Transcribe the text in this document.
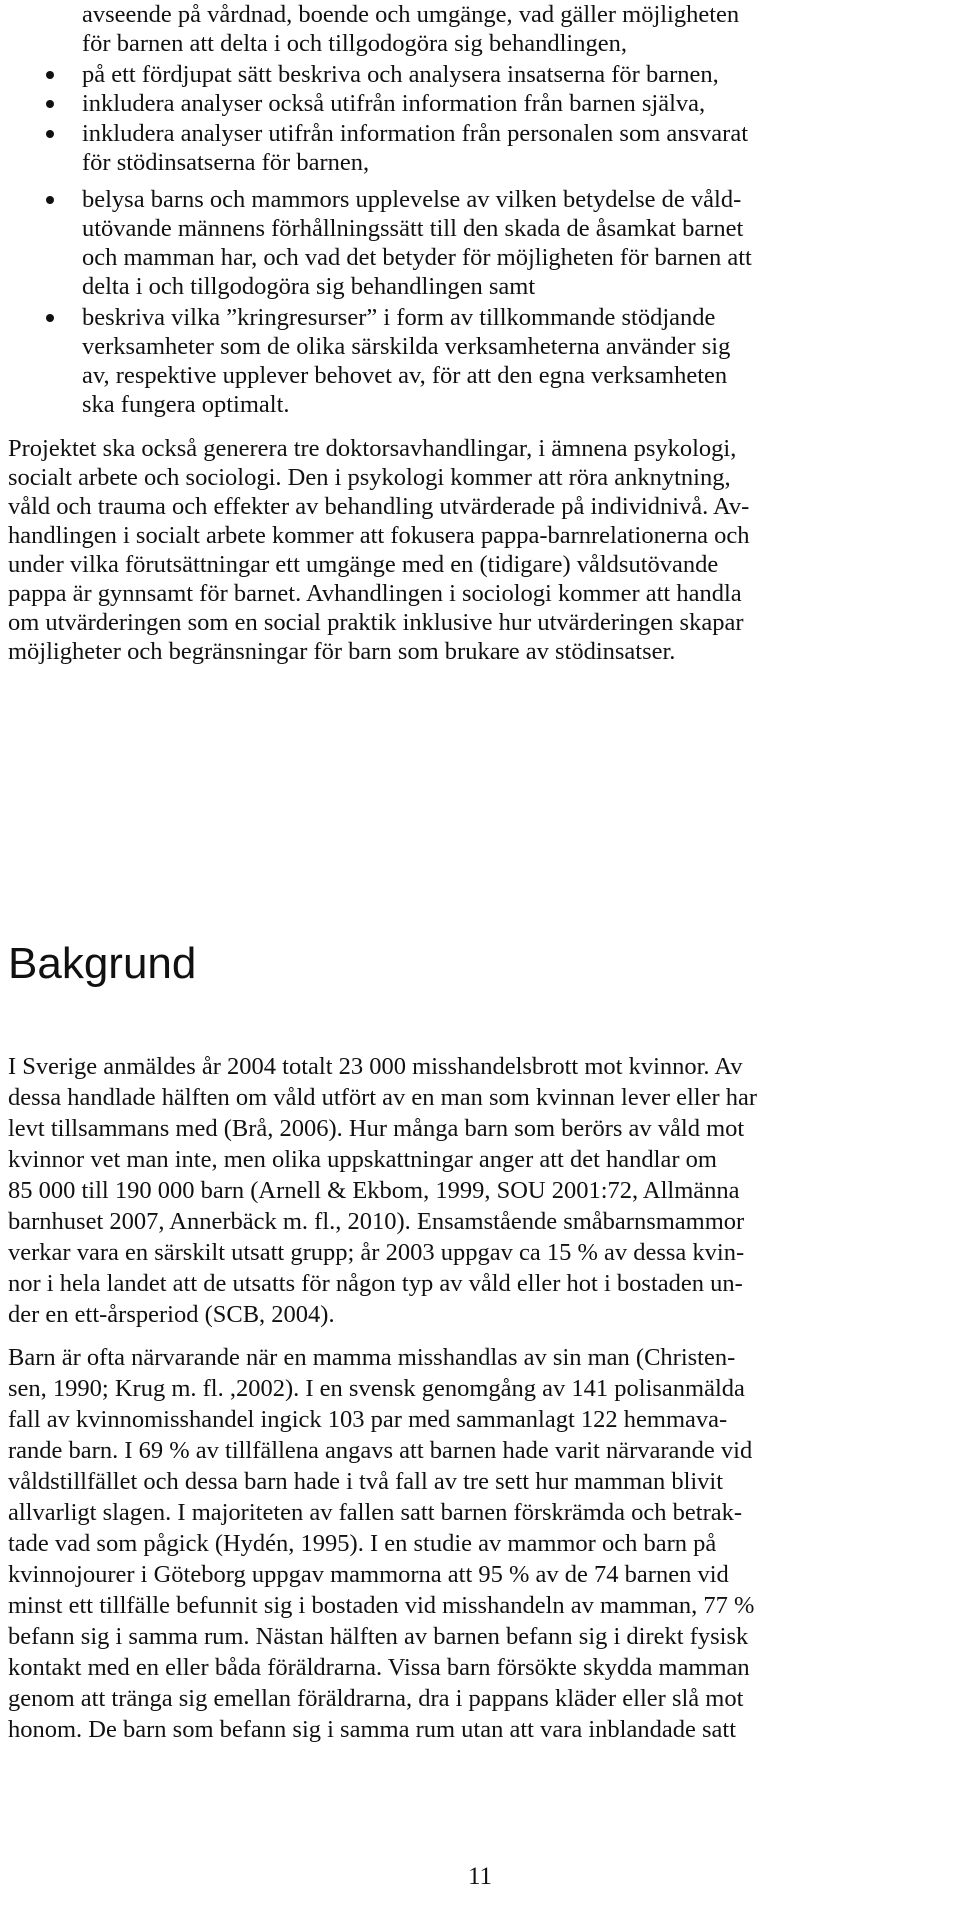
avseende på vårdnad, boende och umgänge, vad gäller möjligheten
för barnen att delta i och tillgodogöra sig behandlingen,
på ett fördjupat sätt beskriva och analysera insatserna för barnen,
inkludera analyser också utifrån information från barnen själva,
inkludera analyser utifrån information från personalen som ansvarat
för stödinsatserna för barnen,
belysa barns och mammors upplevelse av vilken betydelse de våld-
utövande männens förhållningssätt till den skada de åsamkat barnet
och mamman har, och vad det betyder för möjligheten för barnen att
delta i och tillgodogöra sig behandlingen samt
beskriva vilka ”kringresurser” i form av tillkommande stödjande
verksamheter som de olika särskilda verksamheterna använder sig
av, respektive upplever behovet av, för att den egna verksamheten
ska fungera optimalt.
Projektet ska också generera tre doktorsavhandlingar, i ämnena psykologi,
socialt arbete och sociologi. Den i psykologi kommer att röra anknytning,
våld och trauma och effekter av behandling utvärderade på individnivå. Av-
handlingen i socialt arbete kommer att fokusera pappa-barnrelationerna och
under vilka förutsättningar ett umgänge med en (tidigare) våldsutövande
pappa är gynnsamt för barnet. Avhandlingen i sociologi kommer att handla
om utvärderingen som en social praktik inklusive hur utvärderingen skapar
möjligheter och begränsningar för barn som brukare av stödinsatser.
Bakgrund
I Sverige anmäldes år 2004 totalt 23 000 misshandelsbrott mot kvinnor. Av
dessa handlade hälften om våld utfört av en man som kvinnan lever eller har
levt tillsammans med (Brå, 2006). Hur många barn som berörs av våld mot
kvinnor vet man inte, men olika uppskattningar anger att det handlar om
85 000 till 190 000 barn (Arnell & Ekbom, 1999, SOU 2001:72, Allmänna
barnhuset 2007, Annerbäck m. fl., 2010). Ensamstående småbarnsmammor
verkar vara en särskilt utsatt grupp; år 2003 uppgav ca 15 % av dessa kvin-
nor i hela landet att de utsatts för någon typ av våld eller hot i bostaden un-
der en ett-årsperiod (SCB, 2004).
Barn är ofta närvarande när en mamma misshandlas av sin man (Christen-
sen, 1990; Krug m. fl. ,2002). I en svensk genomgång av 141 polisanmälda
fall av kvinnomisshandel ingick 103 par med sammanlagt 122 hemmava-
rande barn. I 69 % av tillfällena angavs att barnen hade varit närvarande vid
våldstillfället och dessa barn hade i två fall av tre sett hur mamman blivit
allvarligt slagen. I majoriteten av fallen satt barnen förskrämda och betrak-
tade vad som pågick (Hydén, 1995). I en studie av mammor och barn på
kvinnojourer i Göteborg uppgav mammorna att 95 % av de 74 barnen vid
minst ett tillfälle befunnit sig i bostaden vid misshandeln av mamman, 77 %
befann sig i samma rum. Nästan hälften av barnen befann sig i direkt fysisk
kontakt med en eller båda föräldrarna. Vissa barn försökte skydda mamman
genom att tränga sig emellan föräldrarna, dra i pappans kläder eller slå mot
honom. De barn som befann sig i samma rum utan att vara inblandade satt
11
